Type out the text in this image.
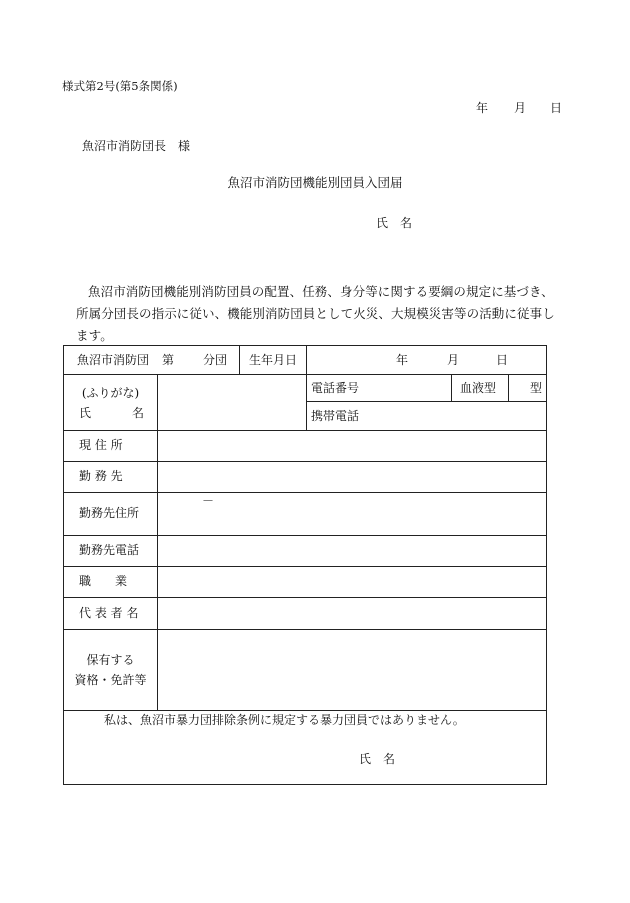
様式第2号(第5条関係)
年 月 日
魚沼市消防団長　様
魚沼市消防団機能別団員入団届
氏　名

魚沼市消防団機能別消防団員の配置、任務、身分等に関する要綱の規定に基づき、所属分団長の指示に従い、機能別消防団員として火災、大規模災害等の活動に従事します。

魚沼市消防団 第 分団 生年月日	年	月	日
(ふりがな)
氏	名
電話番号	血液型	型
携帯電話
現 住 所
勤 務 先
勤務先住所
－
勤務先電話
職　　業
代 表 者 名
保有する
資格・免許等
私は、魚沼市暴力団排除条例に規定する暴力団員ではありません。
氏　名
